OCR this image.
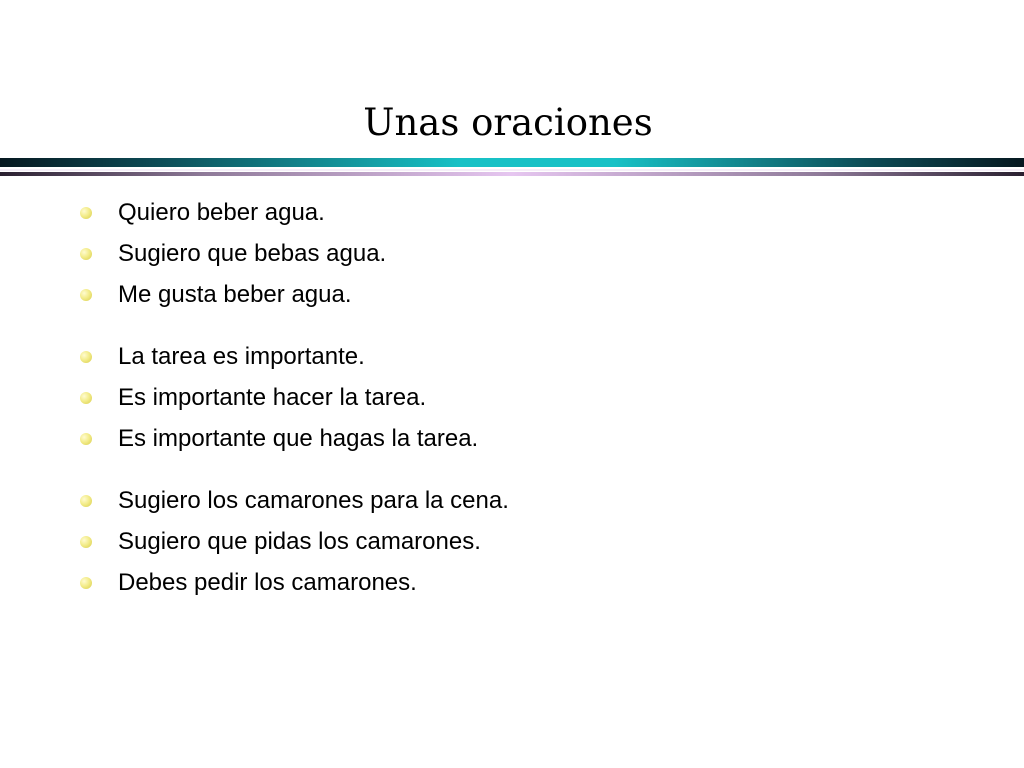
Unas oraciones
Quiero beber agua.
Sugiero que bebas agua.
Me gusta beber agua.
La tarea es importante.
Es importante hacer la tarea.
Es importante que hagas la tarea.
Sugiero los camarones para la cena.
Sugiero que pidas los camarones.
Debes pedir los camarones.
